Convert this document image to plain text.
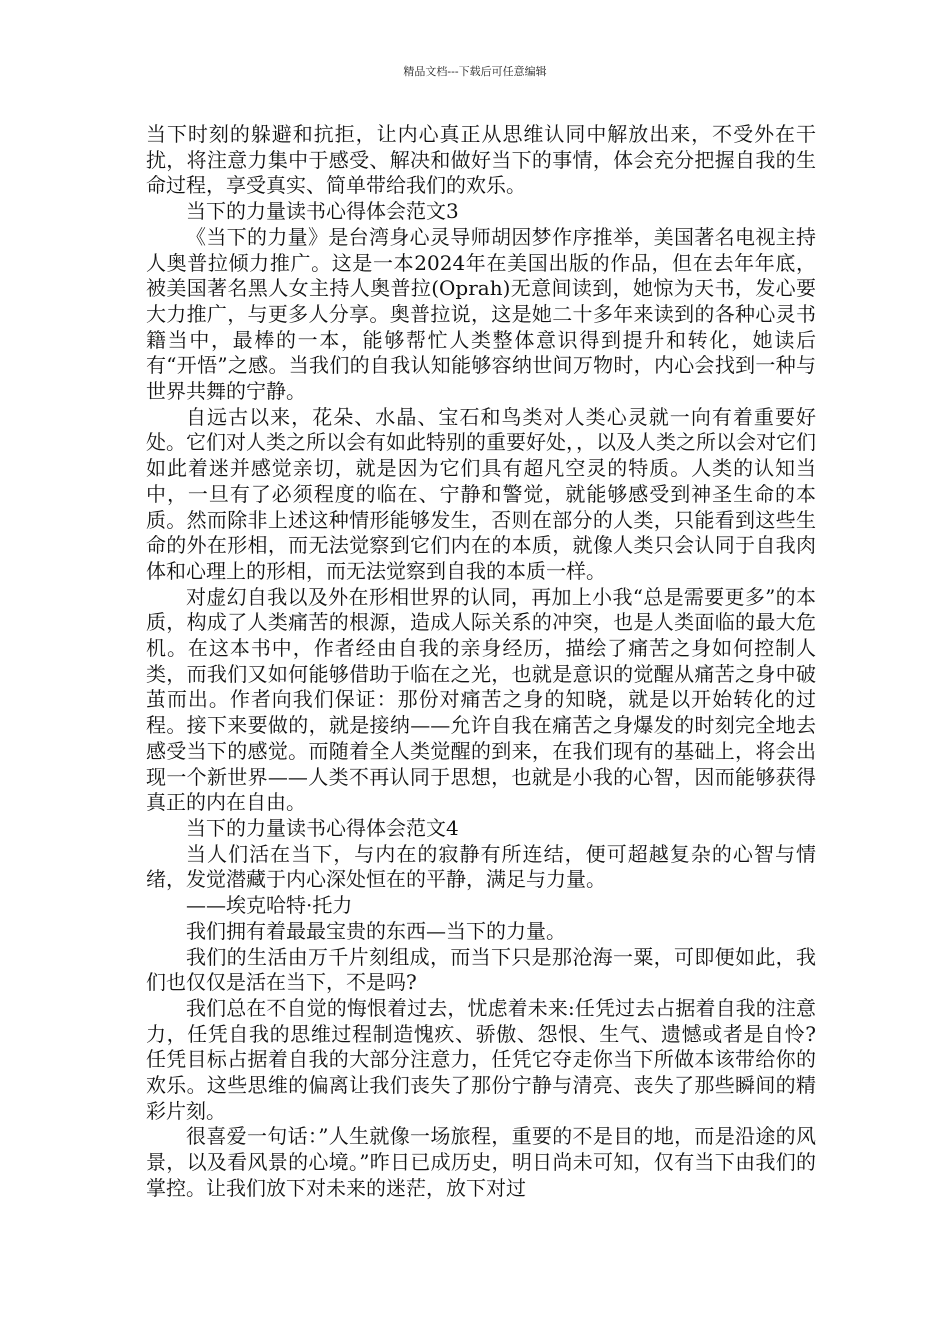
精品文档---下载后可任意编辑

当下时刻的躲避和抗拒，让内心真正从思维认同中解放出来，不受外在干扰，将注意力集中于感受、解决和做好当下的事情，体会充分把握自我的生命过程，享受真实、简单带给我们的欢乐。

当下的力量读书心得体会范文3

《当下的力量》是台湾身心灵导师胡因梦作序推举，美国著名电视主持人奥普拉倾力推广。这是一本2024年在美国出版的作品，但在去年年底，被美国著名黑人女主持人奥普拉(Oprah)无意间读到，她惊为天书，发心要大力推广，与更多人分享。奥普拉说，这是她二十多年来读到的各种心灵书籍当中，最棒的一本，能够帮忙人类整体意识得到提升和转化，她读后有“开悟”之感。当我们的自我认知能够容纳世间万物时，内心会找到一种与世界共舞的宁静。

自远古以来，花朵、水晶、宝石和鸟类对人类心灵就一向有着重要好处。它们对人类之所以会有如此特别的重要好处，，以及人类之所以会对它们如此着迷并感觉亲切，就是因为它们具有超凡空灵的特质。人类的认知当中，一旦有了必须程度的临在、宁静和警觉，就能够感受到神圣生命的本质。然而除非上述这种情形能够发生，否则在部分的人类，只能看到这些生命的外在形相，而无法觉察到它们内在的本质，就像人类只会认同于自我肉体和心理上的形相，而无法觉察到自我的本质一样。

对虚幻自我以及外在形相世界的认同，再加上小我“总是需要更多”的本质，构成了人类痛苦的根源，造成人际关系的冲突，也是人类面临的最大危机。在这本书中，作者经由自我的亲身经历，描绘了痛苦之身如何控制人类，而我们又如何能够借助于临在之光，也就是意识的觉醒从痛苦之身中破茧而出。作者向我们保证：那份对痛苦之身的知晓，就是以开始转化的过程。接下来要做的，就是接纳——允许自我在痛苦之身爆发的时刻完全地去感受当下的感觉。而随着全人类觉醒的到来，在我们现有的基础上，将会出现一个新世界——人类不再认同于思想，也就是小我的心智，因而能够获得真正的内在自由。

当下的力量读书心得体会范文4

当人们活在当下，与内在的寂静有所连结，便可超越复杂的心智与情绪，发觉潜藏于内心深处恒在的平静，满足与力量。

——埃克哈特·托力

我们拥有着最最宝贵的东西—当下的力量。

我们的生活由万千片刻组成，而当下只是那沧海一粟，可即便如此，我们也仅仅是活在当下，不是吗?

我们总在不自觉的悔恨着过去，忧虑着未来:任凭过去占据着自我的注意力，任凭自我的思维过程制造愧疚、骄傲、怨恨、生气、遗憾或者是自怜?任凭目标占据着自我的大部分注意力，任凭它夺走你当下所做本该带给你的欢乐。这些思维的偏离让我们丧失了那份宁静与清亮、丧失了那些瞬间的精彩片刻。

很喜爱一句话：”人生就像一场旅程，重要的不是目的地，而是沿途的风景，以及看风景的心境。”昨日已成历史，明日尚未可知，仅有当下由我们的掌控。让我们放下对未来的迷茫，放下对过
